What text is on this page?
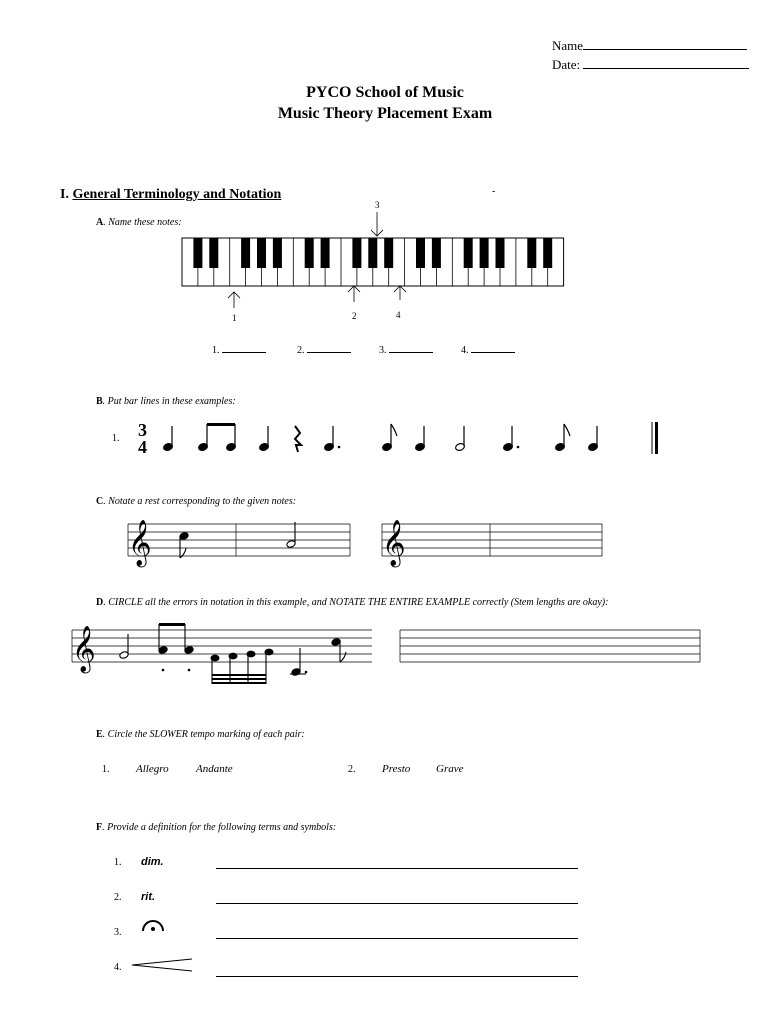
Name
Date:
PYCO School of Music
Music Theory Placement Exam
I. General Terminology and Notation	-
A. Name these notes:
1	2
3
4
1.	2.	3.	4.
B. Put bar lines in these examples:
1. 3
4
C. Notate a rest corresponding to the given notes:
𝄞	𝄞
D. CIRCLE all the errors in notation in this example, and NOTATE THE ENTIRE EXAMPLE correctly (Stem lengths are okay):
𝄞
E. Circle the SLOWER tempo marking of each pair:
1. Allegro Andante	2. Presto Grave
F. Provide a definition for the following terms and symbols:
1. dim.
2. rit.
3.
4.
